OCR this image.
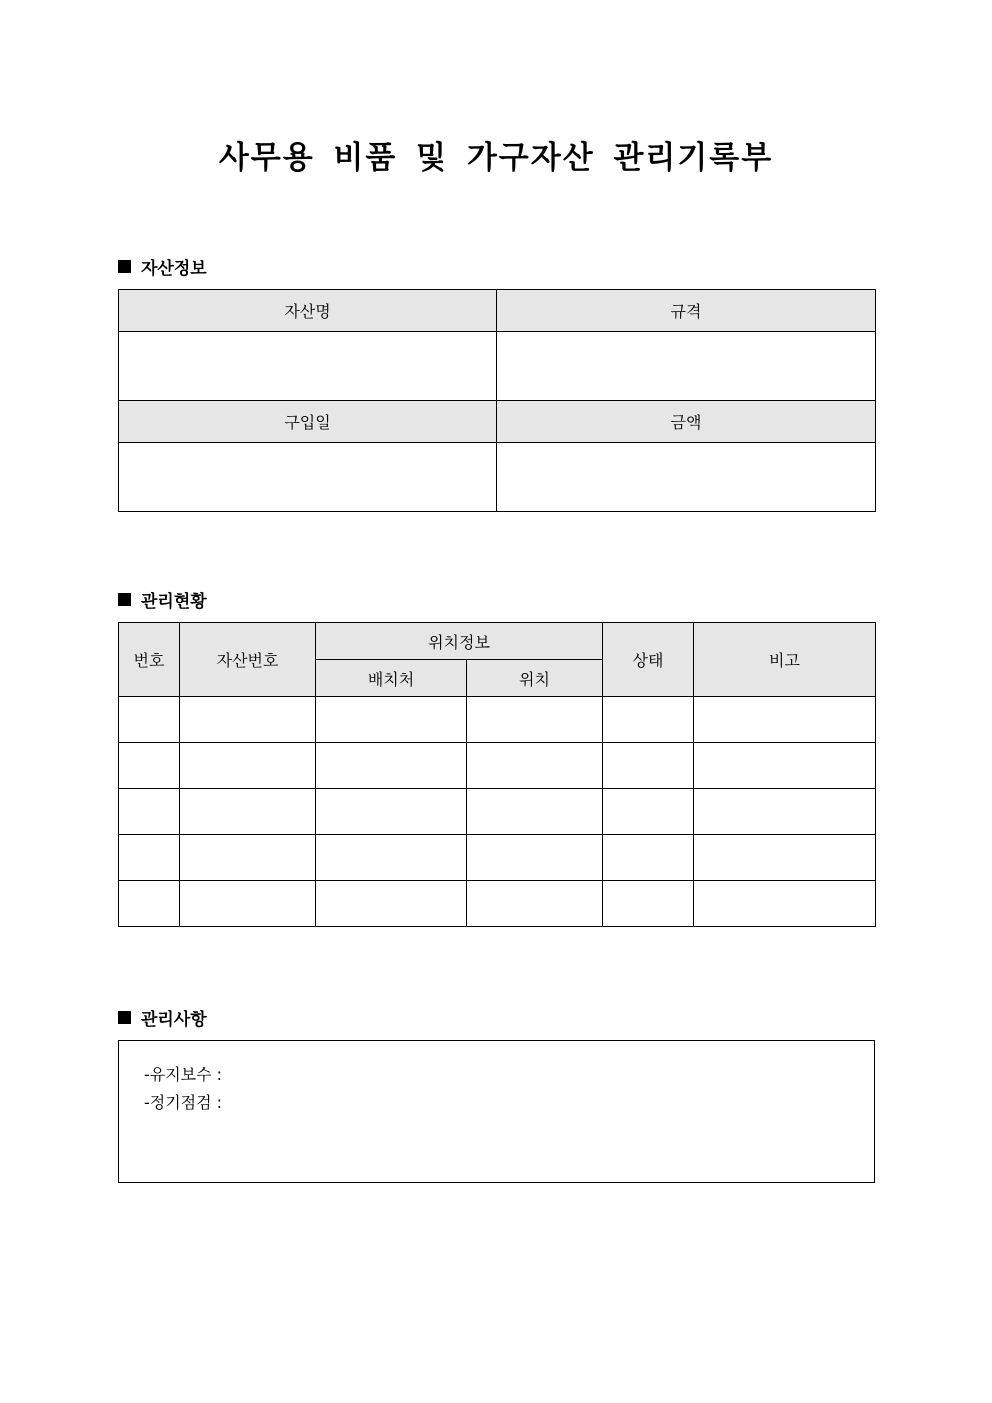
사무용 비품 및 가구자산 관리기록부
자산정보
자산명	규격

구입일	금액

관리현황
번호	자산번호	위치정보		상태	비고
		배치처	위치		

관리사항
-유지보수 :
-정기점검 :
